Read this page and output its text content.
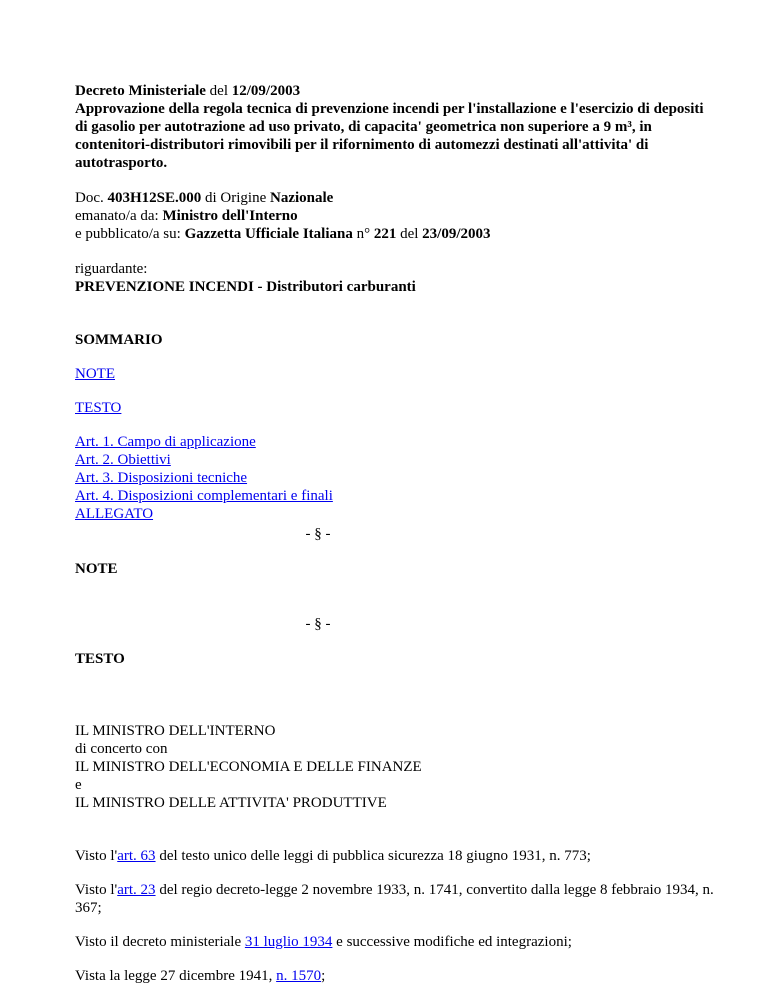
Decreto Ministeriale del 12/09/2003
Approvazione della regola tecnica di prevenzione incendi per l'installazione e l'esercizio di depositi di gasolio per autotrazione ad uso privato, di capacita' geometrica non superiore a 9 m³, in contenitori-distributori rimovibili per il rifornimento di automezzi destinati all'attivita' di autotrasporto.

Doc. 403H12SE.000 di Origine Nazionale
emanato/a da: Ministro dell'Interno
e pubblicato/a su: Gazzetta Ufficiale Italiana n° 221 del 23/09/2003

riguardante:
PREVENZIONE INCENDI - Distributori carburanti

SOMMARIO

NOTE

TESTO

Art. 1. Campo di applicazione
Art. 2. Obiettivi
Art. 3. Disposizioni tecniche
Art. 4. Disposizioni complementari e finali
ALLEGATO

- § -

NOTE

- § -

TESTO

IL MINISTRO DELL'INTERNO
di concerto con
IL MINISTRO DELL'ECONOMIA E DELLE FINANZE
e
IL MINISTRO DELLE ATTIVITA' PRODUTTIVE

Visto l'art. 63 del testo unico delle leggi di pubblica sicurezza 18 giugno 1931, n. 773;

Visto l'art. 23 del regio decreto-legge 2 novembre 1933, n. 1741, convertito dalla legge 8 febbraio 1934, n. 367;

Visto il decreto ministeriale 31 luglio 1934 e successive modifiche ed integrazioni;

Vista la legge 27 dicembre 1941, n. 1570;
